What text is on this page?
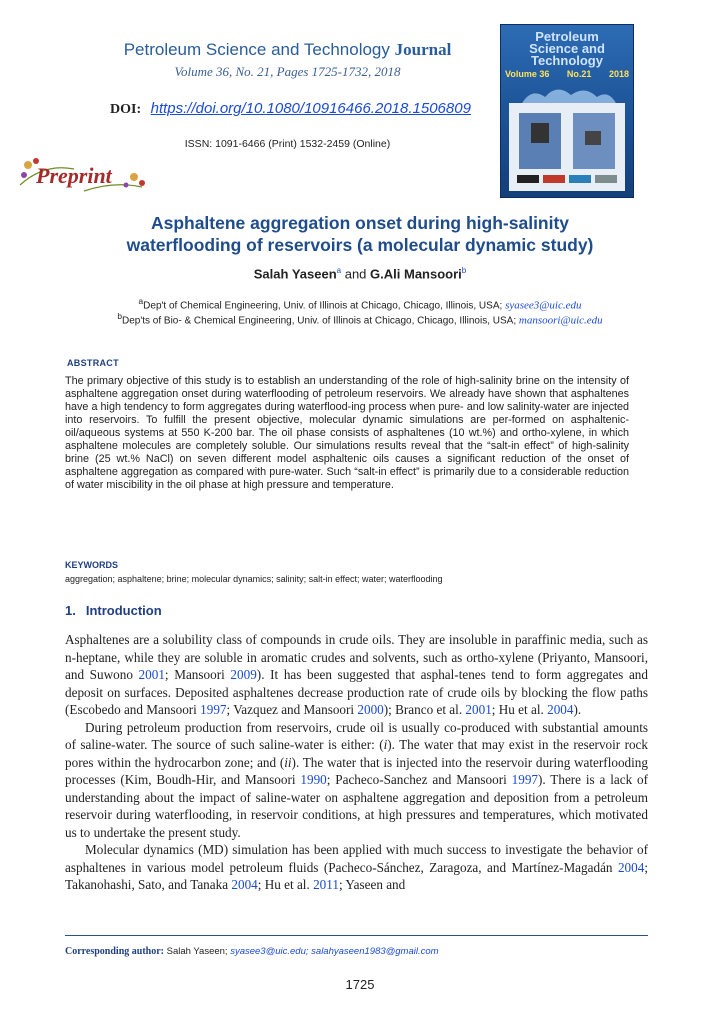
Petroleum Science and Technology Journal
Volume 36, No. 21, Pages 1725-1732, 2018
DOI: https://doi.org/10.1080/10916466.2018.1506809
ISSN: 1091-6466 (Print) 1532-2459 (Online)
Preprint
Petroleum
Science and
Technology
Volume 36 No.21 2018
Asphaltene aggregation onset during high-salinity
waterflooding of reservoirs (a molecular dynamic study)
Salah Yaseen$^a$ and G.Ali Mansoori$^b$
$^a$Dep't of Chemical Engineering, Univ. of Illinois at Chicago, Chicago, Illinois, USA; syasee3@uic.edu
$^b$Dep'ts of Bio- & Chemical Engineering, Univ. of Illinois at Chicago, Chicago, Illinois, USA; mansoori@uic.edu
ABSTRACT
The primary objective of this study is to establish an understanding of the role of high-salinity brine on the intensity of asphaltene aggregation onset during waterflooding of petroleum reservoirs. We already have shown that asphaltenes have a high tendency to form aggregates during waterflood-ing process when pure- and low salinity-water are injected into reservoirs. To fulfill the present objective, molecular dynamic simulations are per-formed on asphaltenic-oil/aqueous systems at 550 K-200 bar. The oil phase consists of asphaltenes (10 wt.%) and ortho-xylene, in which asphaltene molecules are completely soluble. Our simulations results reveal that the “salt-in effect” of high-salinity brine (25 wt.% NaCl) on seven different model asphaltenic oils causes a significant reduction of the onset of asphaltene aggregation as compared with pure-water. Such “salt-in effect” is primarily due to a considerable reduction of water miscibility in the oil phase at high pressure and temperature.
KEYWORDS
aggregation; asphaltene; brine; molecular dynamics; salinity; salt-in effect; water; waterflooding
1. Introduction

Asphaltenes are a solubility class of compounds in crude oils. They are insoluble in paraffinic media, such as n-heptane, while they are soluble in aromatic crudes and solvents, such as ortho-xylene (Priyanto, Mansoori, and Suwono 2001; Mansoori 2009). It has been suggested that asphal-tenes tend to form aggregates and deposit on surfaces. Deposited asphaltenes decrease production rate of crude oils by blocking the flow paths (Escobedo and Mansoori 1997; Vazquez and Mansoori 2000); Branco et al. 2001; Hu et al. 2004).

During petroleum production from reservoirs, crude oil is usually co-produced with substantial amounts of saline-water. The source of such saline-water is either: (i). The water that may exist in the reservoir rock pores within the hydrocarbon zone; and (ii). The water that is injected into the reservoir during waterflooding processes (Kim, Boudh-Hir, and Mansoori 1990; Pacheco-Sanchez and Mansoori 1997). There is a lack of understanding about the impact of saline-water on asphaltene aggregation and deposition from a petroleum reservoir during waterflooding, in reservoir conditions, at high pressures and temperatures, which motivated us to undertake the present study.

Molecular dynamics (MD) simulation has been applied with much success to investigate the behavior of asphaltenes in various model petroleum fluids (Pacheco-Sánchez, Zaragoza, and Martínez-Magadán 2004; Takanohashi, Sato, and Tanaka 2004; Hu et al. 2011; Yaseen and

Corresponding author: Salah Yaseen; syasee3@uic.edu; salahyaseen1983@gmail.com
1725
